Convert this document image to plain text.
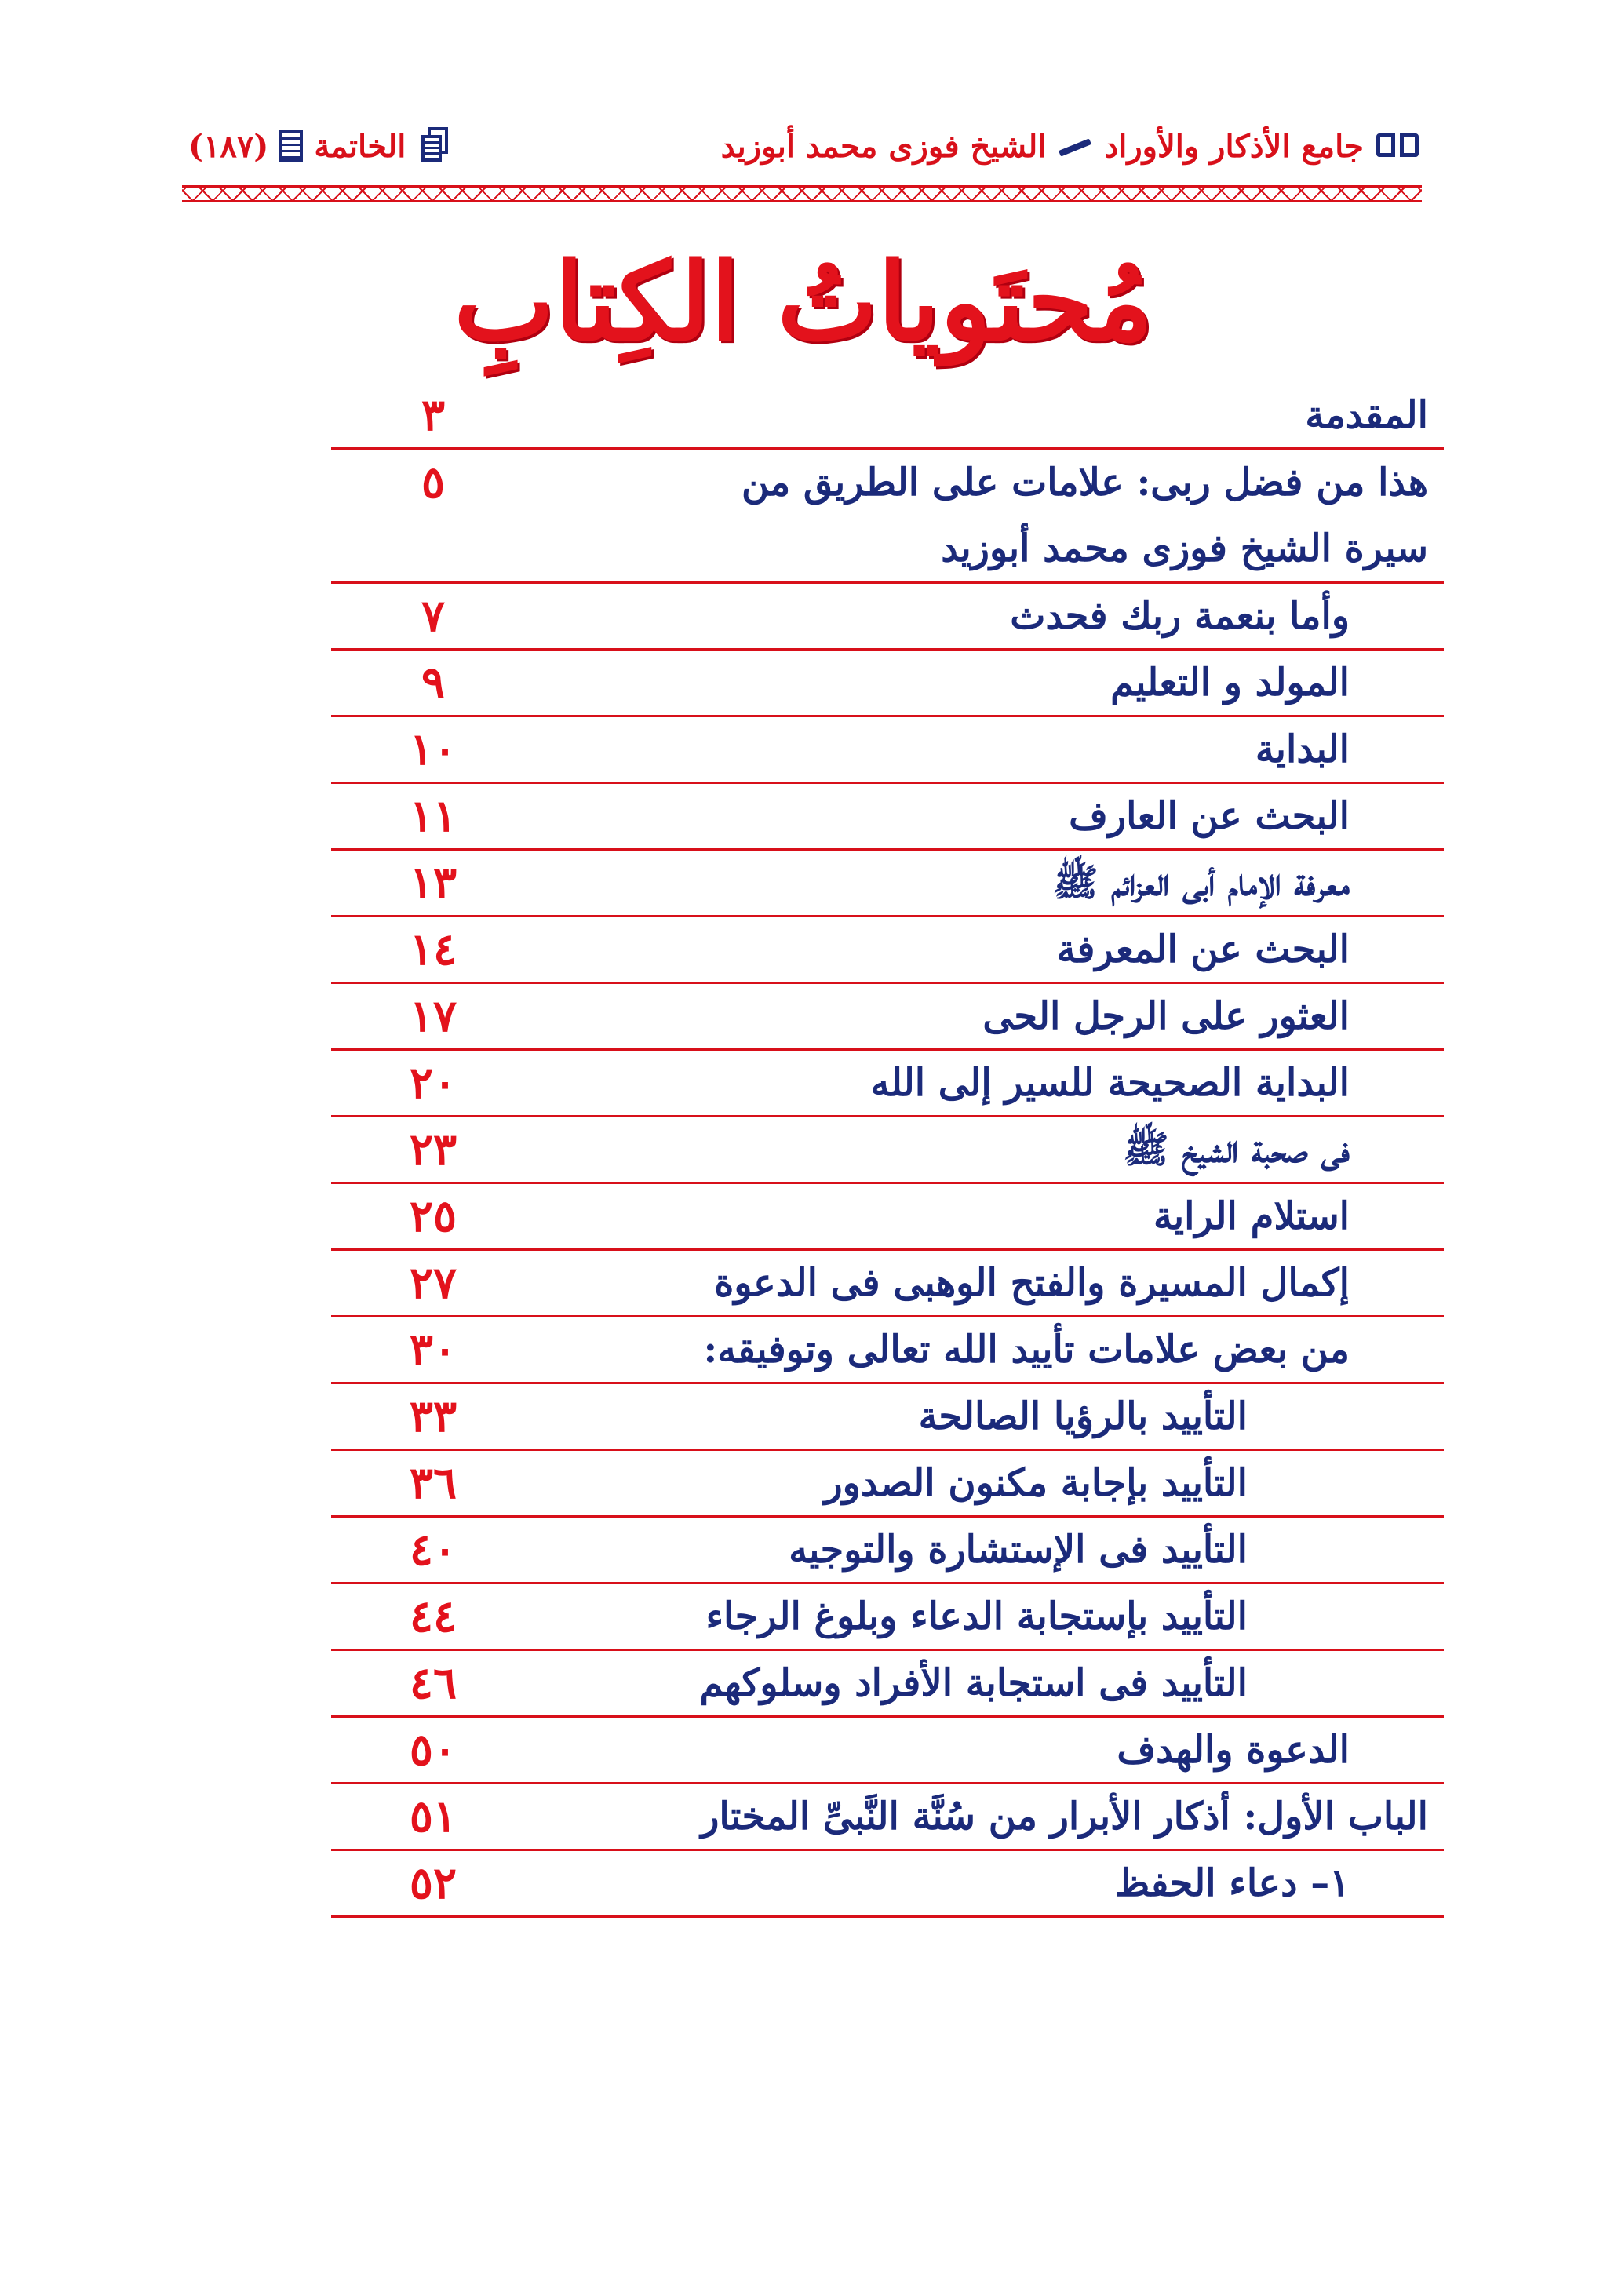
جامع الأذكار والأوراد
الشيخ فوزى محمد أبوزيد
الخاتمة
(١٨٧)
مُحتَوياتُ الكِتابِ
٣	المقدمة
٥	هذا من فضل ربى: علامات على الطريق من سيرة الشيخ فوزى محمد أبوزيد
٧	وأما بنعمة ربك فحدث
٩	المولد و التعليم
١٠	البداية
١١	البحث عن العارف
١٣	معرفة الإمام أبى العزائم ﷺ
١٤	البحث عن المعرفة
١٧	العثور على الرجل الحى
٢٠	البداية الصحيحة للسير إلى الله
٢٣	فى صحبة الشيخ ﷺ
٢٥	استلام الراية
٢٧	إكمال المسيرة والفتح الوهبى فى الدعوة
٣٠	من بعض علامات تأييد الله تعالى وتوفيقه:
٣٣	التأييد بالرؤيا الصالحة
٣٦	التأييد بإجابة مكنون الصدور
٤٠	التأييد فى الإستشارة والتوجيه
٤٤	التأييد بإستجابة الدعاء وبلوغ الرجاء
٤٦	التأييد فى استجابة الأفراد وسلوكهم
٥٠	الدعوة والهدف
٥١	الباب الأول: أذكار الأبرار من سُنَّة النَّبىِّ المختار
٥٢	١– دعاء الحفظ
